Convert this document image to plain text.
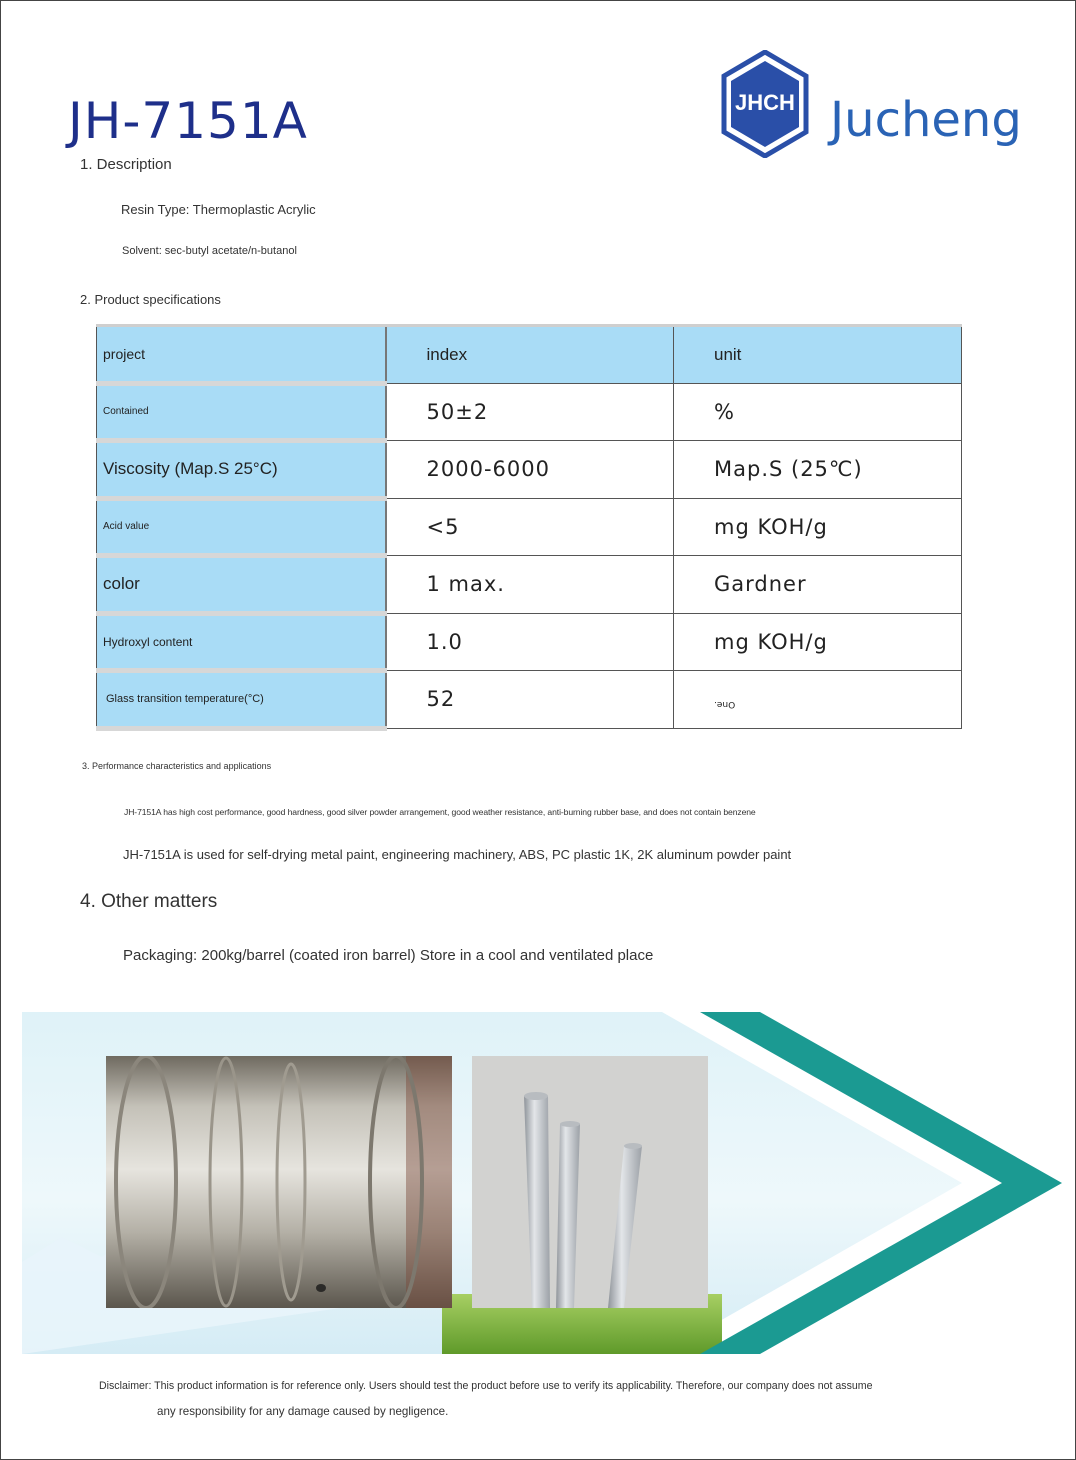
JH-7151A	JHCH Jucheng
1. Description
Resin Type: Thermoplastic Acrylic
Solvent: sec-butyl acetate/n-butanol
2. Product specifications
project	index	unit
Contained	50±2	%
Viscosity (Map.S 25°C)	2000-6000	Map.S (25℃)
Acid value	<5	mg KOH/g
color	1 max.	Gardner
Hydroxyl content	1.0	mg KOH/g
Glass transition temperature(°C)	52	One.
3. Performance characteristics and applications
JH-7151A has high cost performance, good hardness, good silver powder arrangement, good weather resistance, anti-burning rubber base, and does not contain benzene
JH-7151A is used for self-drying metal paint, engineering machinery, ABS, PC plastic 1K, 2K aluminum powder paint
4. Other matters
Packaging: 200kg/barrel (coated iron barrel) Store in a cool and ventilated place
Disclaimer: This product information is for reference only. Users should test the product before use to verify its applicability. Therefore, our company does not assume
any responsibility for any damage caused by negligence.
